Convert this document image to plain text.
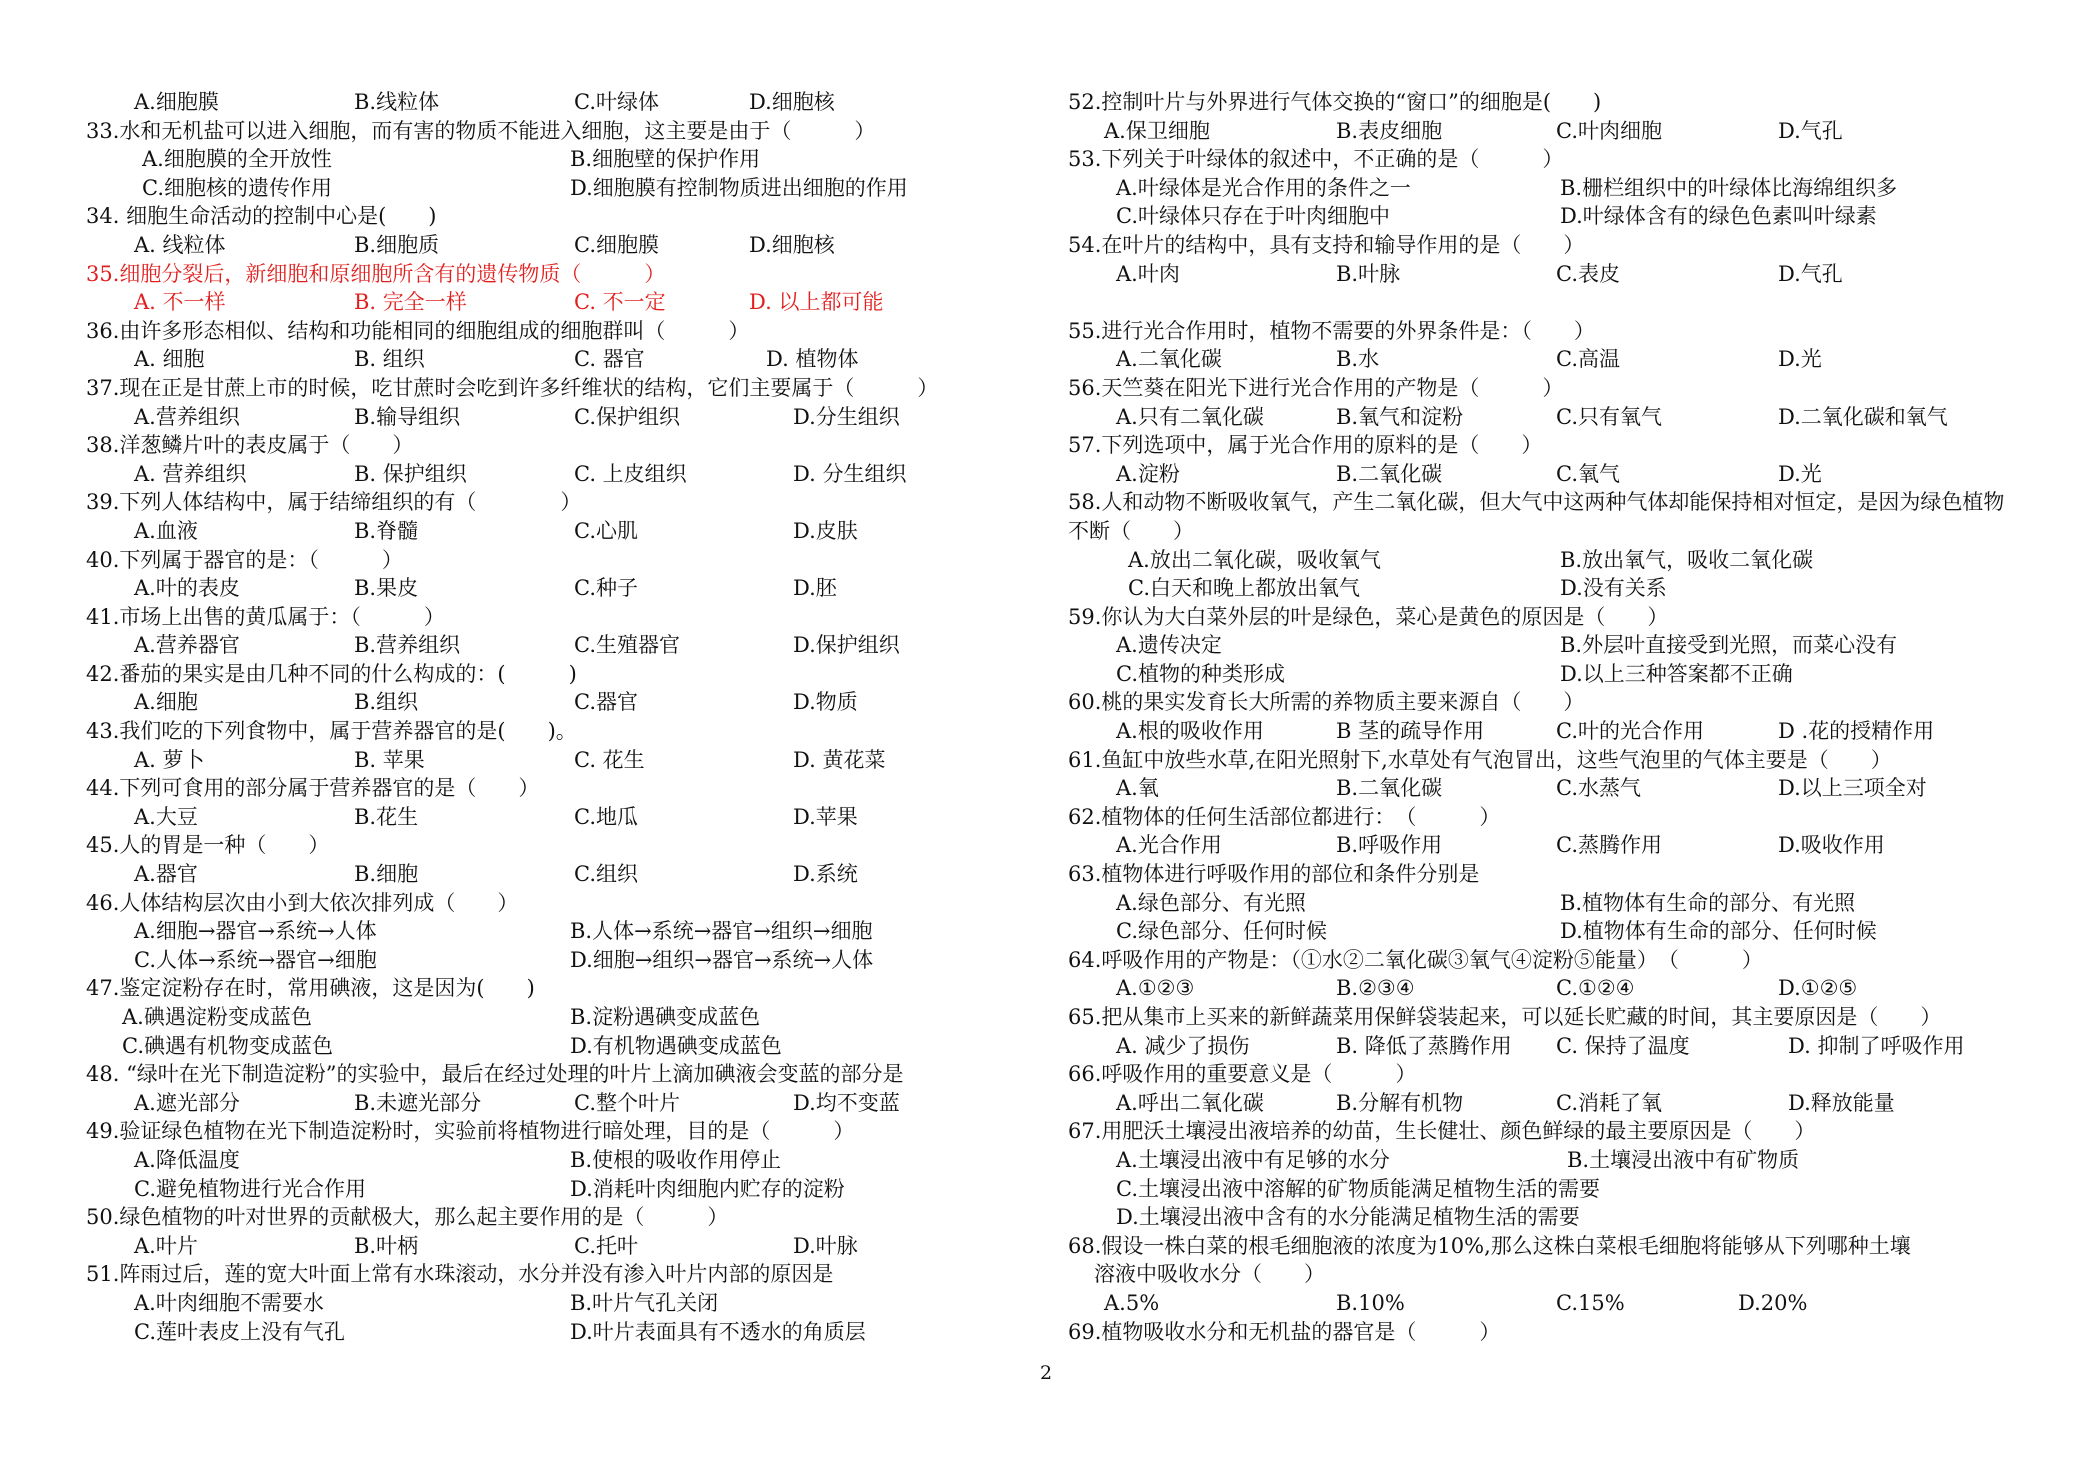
A.细胞膜	B.线粒体	C.叶绿体	D.细胞核
33.水和无机盐可以进入细胞，而有害的物质不能进入细胞，这主要是由于（　　　）
A.细胞膜的全开放性	B.细胞壁的保护作用
C.细胞核的遗传作用	D.细胞膜有控制物质进出细胞的作用
34. 细胞生命活动的控制中心是(　　)
A. 线粒体	B.细胞质	C.细胞膜	D.细胞核
35.细胞分裂后，新细胞和原细胞所含有的遗传物质（　　　）
A. 不一样	B. 完全一样	C. 不一定	D. 以上都可能
36.由许多形态相似、结构和功能相同的细胞组成的细胞群叫（　　　）
A. 细胞	B. 组织	C. 器官	D. 植物体
37.现在正是甘蔗上市的时候，吃甘蔗时会吃到许多纤维状的结构，它们主要属于（　　　）
A.营养组织	B.输导组织	C.保护组织	D.分生组织
38.洋葱鳞片叶的表皮属于（　　）
A. 营养组织	B. 保护组织	C. 上皮组织	D. 分生组织
39.下列人体结构中，属于结缔组织的有（　　　　）
A.血液	B.脊髓	C.心肌	D.皮肤
40.下列属于器官的是：（　　　）
A.叶的表皮	B.果皮	C.种子	D.胚
41.市场上出售的黄瓜属于：（　　　）
A.营养器官	B.营养组织	C.生殖器官	D.保护组织
42.番茄的果实是由几种不同的什么构成的：(　　　)
A.细胞	B.组织	C.器官	D.物质
43.我们吃的下列食物中，属于营养器官的是(　　)。
A. 萝卜	B. 苹果	C. 花生	D. 黄花菜
44.下列可食用的部分属于营养器官的是（　　）
A.大豆	B.花生	C.地瓜	D.苹果
45.人的胃是一种（　　）
A.器官	B.细胞	C.组织	D.系统
46.人体结构层次由小到大依次排列成（　　）
A.细胞→器官→系统→人体	B.人体→系统→器官→组织→细胞
C.人体→系统→器官→细胞	D.细胞→组织→器官→系统→人体
47.鉴定淀粉存在时，常用碘液，这是因为(　　)
A.碘遇淀粉变成蓝色	B.淀粉遇碘变成蓝色
C.碘遇有机物变成蓝色	D.有机物遇碘变成蓝色
48. “绿叶在光下制造淀粉”的实验中，最后在经过处理的叶片上滴加碘液会变蓝的部分是
A.遮光部分	B.未遮光部分	C.整个叶片	D.均不变蓝
49.验证绿色植物在光下制造淀粉时，实验前将植物进行暗处理，目的是（　　　）
A.降低温度	B.使根的吸收作用停止
C.避免植物进行光合作用	D.消耗叶肉细胞内贮存的淀粉
50.绿色植物的叶对世界的贡献极大，那么起主要作用的是（　　　）
A.叶片	B.叶柄	C.托叶	D.叶脉
51.阵雨过后，莲的宽大叶面上常有水珠滚动，水分并没有渗入叶片内部的原因是
A.叶肉细胞不需要水	B.叶片气孔关闭
C.莲叶表皮上没有气孔	D.叶片表面具有不透水的角质层
52.控制叶片与外界进行气体交换的“窗口”的细胞是(　　)
A.保卫细胞	B.表皮细胞	C.叶肉细胞	D.气孔
53.下列关于叶绿体的叙述中，不正确的是（　　　）
A.叶绿体是光合作用的条件之一	B.栅栏组织中的叶绿体比海绵组织多
C.叶绿体只存在于叶肉细胞中	D.叶绿体含有的绿色色素叫叶绿素
54.在叶片的结构中，具有支持和输导作用的是（　　）
A.叶肉	B.叶脉	C.表皮	D.气孔
55.进行光合作用时，植物不需要的外界条件是：（　　）
A.二氧化碳	B.水	C.高温	D.光
56.天竺葵在阳光下进行光合作用的产物是（　　　）
A.只有二氧化碳	B.氧气和淀粉	C.只有氧气	D.二氧化碳和氧气
57.下列选项中，属于光合作用的原料的是（　　）
A.淀粉	B.二氧化碳	C.氧气	D.光
58.人和动物不断吸收氧气，产生二氧化碳，但大气中这两种气体却能保持相对恒定，是因为绿色植物不断（　　）
A.放出二氧化碳，吸收氧气	B.放出氧气，吸收二氧化碳
C.白天和晚上都放出氧气	D.没有关系
59.你认为大白菜外层的叶是绿色，菜心是黄色的原因是（　　）
A.遗传决定	B.外层叶直接受到光照，而菜心没有
C.植物的种类形成	D.以上三种答案都不正确
60.桃的果实发育长大所需的养物质主要来源自（　　）
A.根的吸收作用	B 茎的疏导作用	C.叶的光合作用	D .花的授精作用
61.鱼缸中放些水草,在阳光照射下,水草处有气泡冒出，这些气泡里的气体主要是（　　）
A.氧	B.二氧化碳	C.水蒸气	D.以上三项全对
62.植物体的任何生活部位都进行：　（　　　）
A.光合作用	B.呼吸作用	C.蒸腾作用	D.吸收作用
63.植物体进行呼吸作用的部位和条件分别是
A.绿色部分、有光照	B.植物体有生命的部分、有光照
C.绿色部分、任何时候	D.植物体有生命的部分、任何时候
64.呼吸作用的产物是：（①水②二氧化碳③氧气④淀粉⑤能量）　（　　　）
A.①②③	B.②③④	C.①②④	D.①②⑤
65.把从集市上买来的新鲜蔬菜用保鲜袋装起来，可以延长贮藏的时间，其主要原因是（　　）
A. 减少了损伤	B. 降低了蒸腾作用 C. 保持了温度	D. 抑制了呼吸作用
66.呼吸作用的重要意义是（　　　）
A.呼出二氧化碳	B.分解有机物	C.消耗了氧	D.释放能量
67.用肥沃土壤浸出液培养的幼苗，生长健壮、颜色鲜绿的最主要原因是（　　）
A.土壤浸出液中有足够的水分	B.土壤浸出液中有矿物质
C.土壤浸出液中溶解的矿物质能满足植物生活的需要
D.土壤浸出液中含有的水分能满足植物生活的需要
68.假设一株白菜的根毛细胞液的浓度为10%,那么这株白菜根毛细胞将能够从下列哪种土壤
溶液中吸收水分（　　）
A.5%	B.10%	C.15%	D.20%
69.植物吸收水分和无机盐的器官是（　　　）
2
